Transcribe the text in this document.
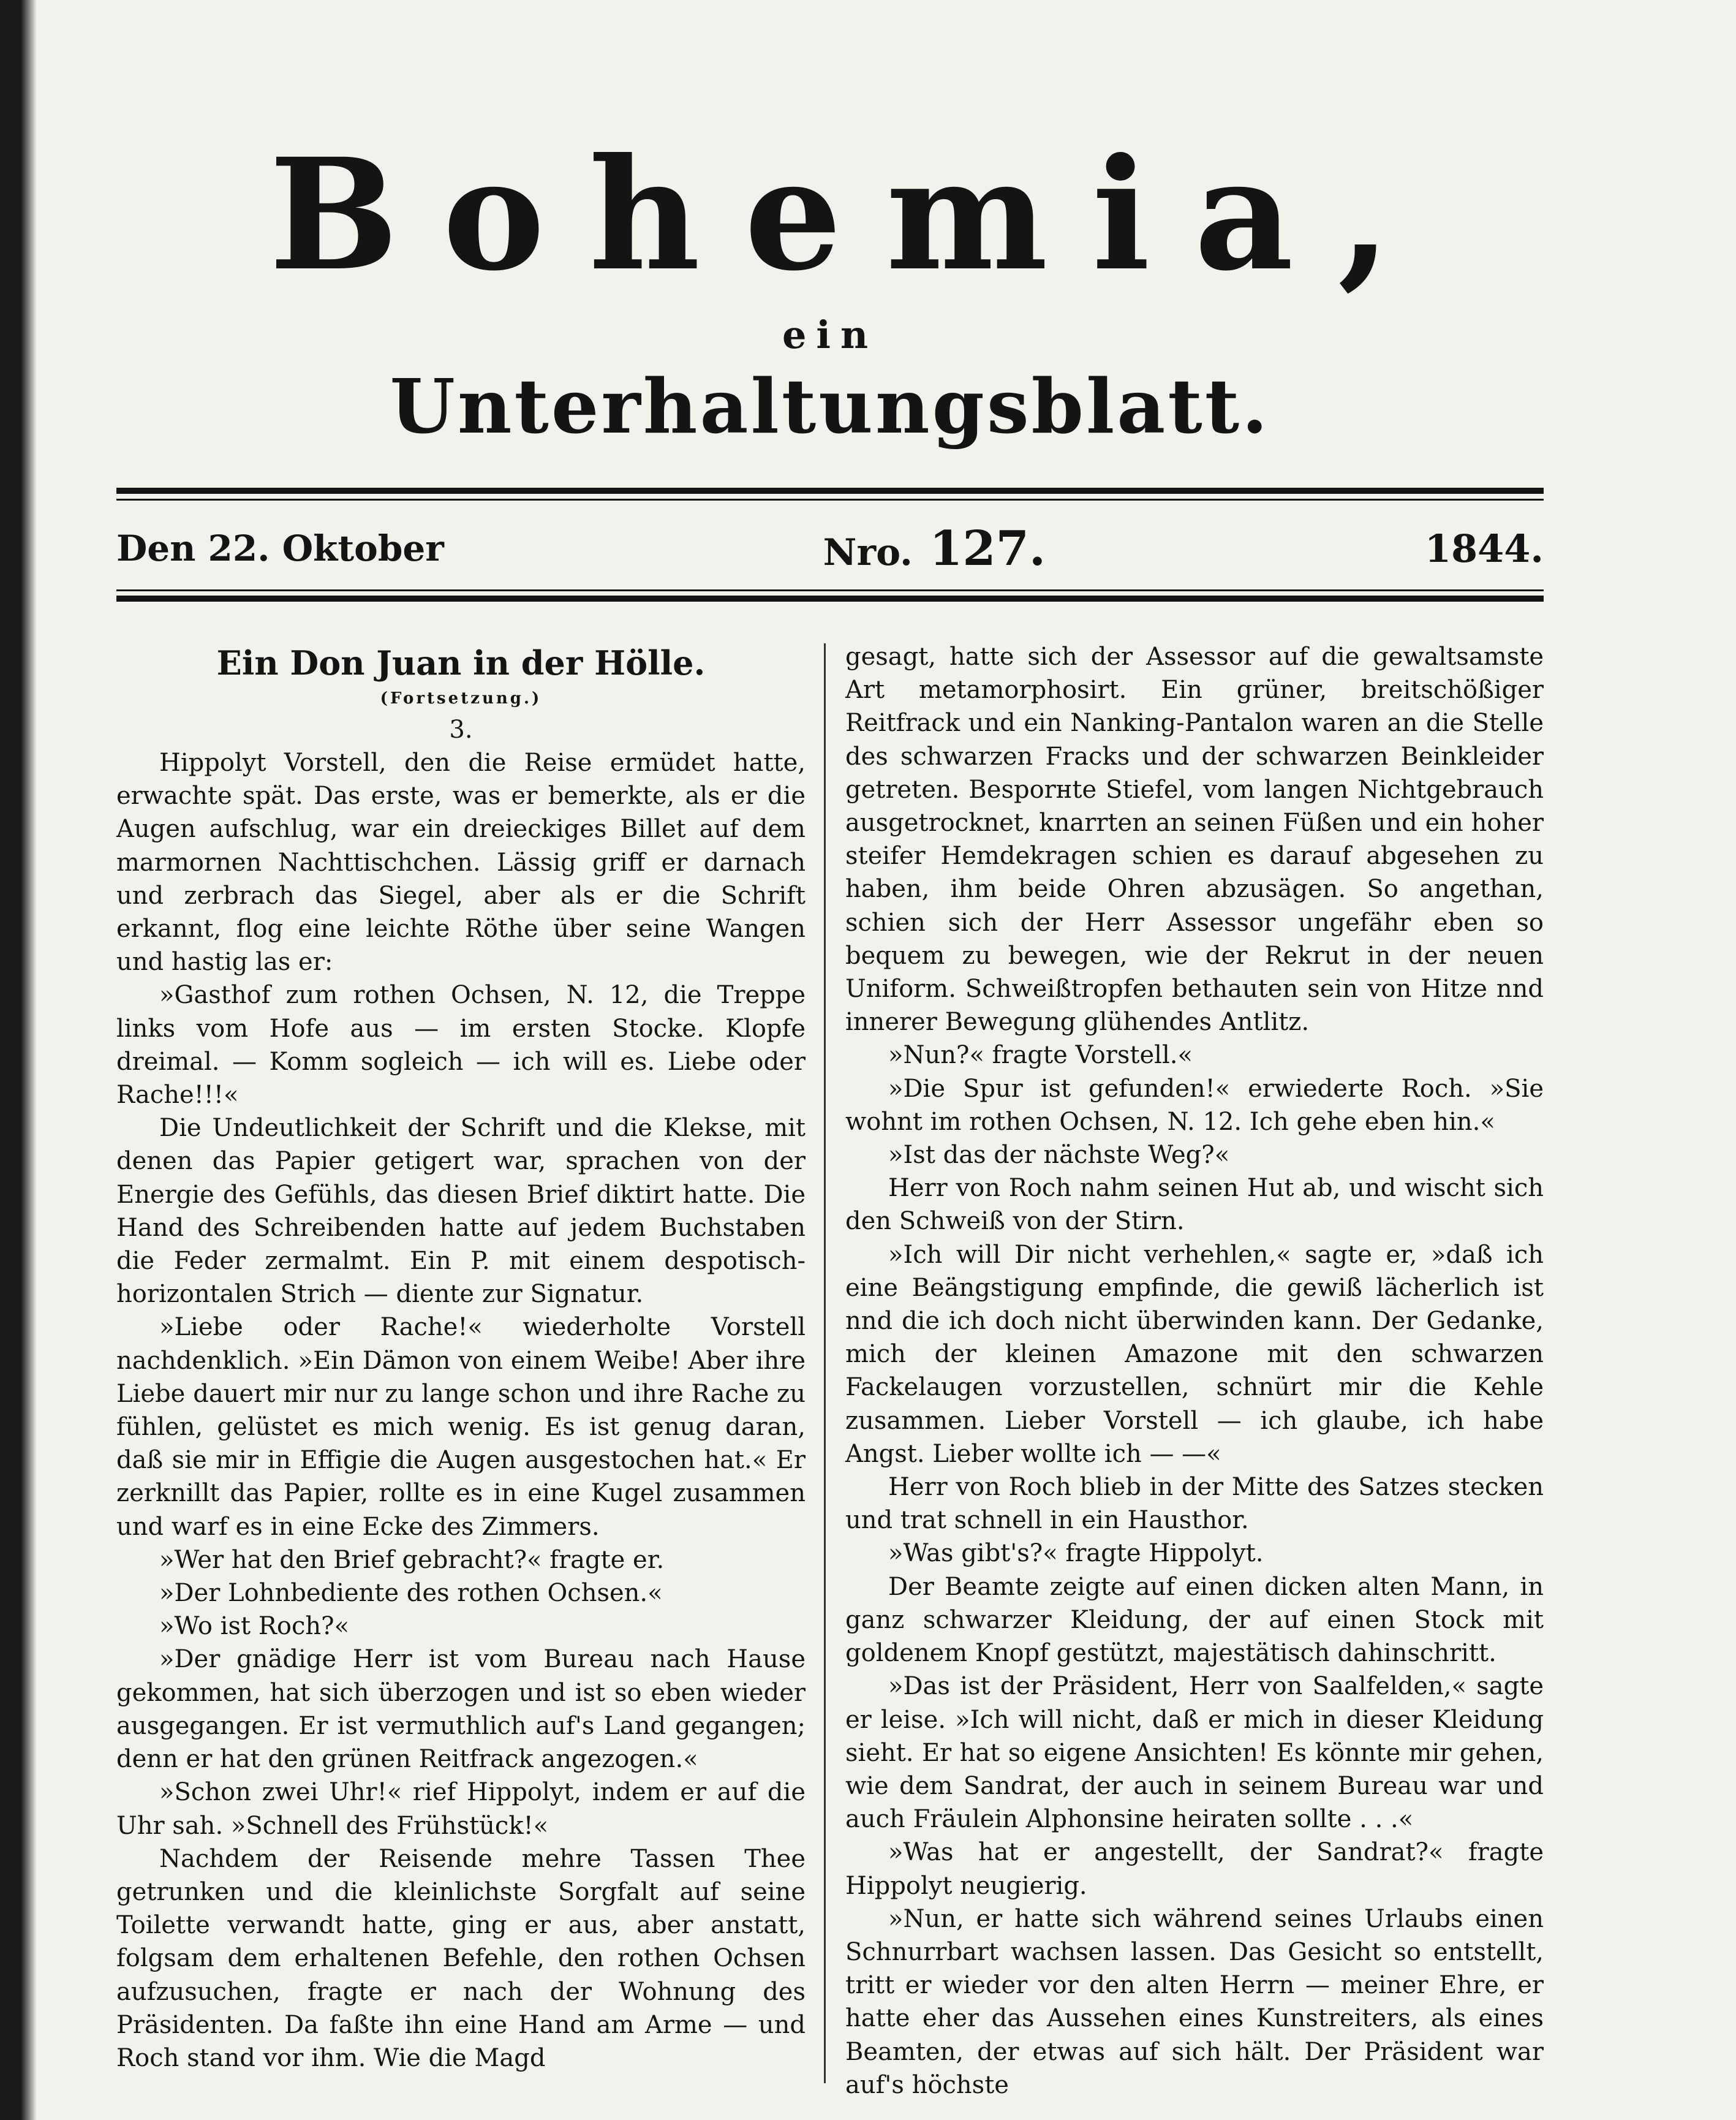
Bohemia,
ein
Unterhaltungsblatt.
Den 22. Oktober	Nro. 127.	1844.
Ein Don Juan in der Hölle.
(Fortsetzung.)
3.

Hippolyt Vorstell, den die Reise ermüdet hatte, erwachte spät. Das erste, was er bemerkte, als er die Augen aufschlug, war ein dreieckiges Billet auf dem marmornen Nachttischchen. Lässig griff er darnach und zerbrach das Siegel, aber als er die Schrift erkannt, flog eine leichte Röthe über seine Wangen und hastig las er:

»Gasthof zum rothen Ochsen, N. 12, die Treppe links vom Hofe aus — im ersten Stocke. Klopfe dreimal. — Komm sogleich — ich will es. Liebe oder Rache!!!«

Die Undeutlichkeit der Schrift und die Klekse, mit denen das Papier getigert war, sprachen von der Energie des Gefühls, das diesen Brief diktirt hatte. Die Hand des Schreibenden hatte auf jedem Buchstaben die Feder zermalmt. Ein P. mit einem despotisch-horizontalen Strich — diente zur Signatur.

»Liebe oder Rache!« wiederholte Vorstell nachdenklich. »Ein Dämon von einem Weibe! Aber ihre Liebe dauert mir nur zu lange schon und ihre Rache zu fühlen, gelüstet es mich wenig. Es ist genug daran, daß sie mir in Effigie die Augen ausgestochen hat.« Er zerknillt das Papier, rollte es in eine Kugel zusammen und warf es in eine Ecke des Zimmers.

»Wer hat den Brief gebracht?« fragte er.

»Der Lohnbediente des rothen Ochsen.«

»Wo ist Roch?«

»Der gnädige Herr ist vom Bureau nach Hause gekommen, hat sich überzogen und ist so eben wieder ausgegangen. Er ist vermuthlich auf's Land gegangen; denn er hat den grünen Reitfrack angezogen.«

»Schon zwei Uhr!« rief Hippolyt, indem er auf die Uhr sah. »Schnell des Frühstück!«

Nachdem der Reisende mehre Tassen Thee getrunken und die kleinlichste Sorgfalt auf seine Toilette verwandt hatte, ging er aus, aber anstatt, folgsam dem erhaltenen Befehle, den rothen Ochsen aufzusuchen, fragte er nach der Wohnung des Präsidenten. Da faßte ihn eine Hand am Arme — und Roch stand vor ihm. Wie die Magd

gesagt, hatte sich der Assessor auf die gewaltsamste Art metamorphosirt. Ein grüner, breitschößiger Reitfrack und ein Nanking-Pantalon waren an die Stelle des schwarzen Fracks und der schwarzen Beinkleider getreten. Besporнte Stiefel, vom langen Nichtgebrauch ausgetrocknet, knarrten an seinen Füßen und ein hoher steifer Hemdekragen schien es darauf abgesehen zu haben, ihm beide Ohren abzusägen. So angethan, schien sich der Herr Assessor ungefähr eben so bequem zu bewegen, wie der Rekrut in der neuen Uniform. Schweißtropfen bethauten sein von Hitze nnd innerer Bewegung glühendes Antlitz.

»Nun?« fragte Vorstell.«

»Die Spur ist gefunden!« erwiederte Roch. »Sie wohnt im rothen Ochsen, N. 12. Ich gehe eben hin.«

»Ist das der nächste Weg?«

Herr von Roch nahm seinen Hut ab, und wischt sich den Schweiß von der Stirn.

»Ich will Dir nicht verhehlen,« sagte er, »daß ich eine Beängstigung empfinde, die gewiß lächerlich ist nnd die ich doch nicht überwinden kann. Der Gedanke, mich der kleinen Amazone mit den schwarzen Fackelaugen vorzustellen, schnürt mir die Kehle zusammen. Lieber Vorstell — ich glaube, ich habe Angst. Lieber wollte ich — —«

Herr von Roch blieb in der Mitte des Satzes stecken und trat schnell in ein Hausthor.

»Was gibt's?« fragte Hippolyt.

Der Beamte zeigte auf einen dicken alten Mann, in ganz schwarzer Kleidung, der auf einen Stock mit goldenem Knopf gestützt, majestätisch dahinschritt.

»Das ist der Präsident, Herr von Saalfelden,« sagte er leise. »Ich will nicht, daß er mich in dieser Kleidung sieht. Er hat so eigene Ansichten! Es könnte mir gehen, wie dem Sandrat, der auch in seinem Bureau war und auch Fräulein Alphonsine heiraten sollte . . .«

»Was hat er angestellt, der Sandrat?« fragte Hippolyt neugierig.

»Nun, er hatte sich während seines Urlaubs einen Schnurrbart wachsen lassen. Das Gesicht so entstellt, tritt er wieder vor den alten Herrn — meiner Ehre, er hatte eher das Aussehen eines Kunstreiters, als eines Beamten, der etwas auf sich hält. Der Präsident war auf's höchste
